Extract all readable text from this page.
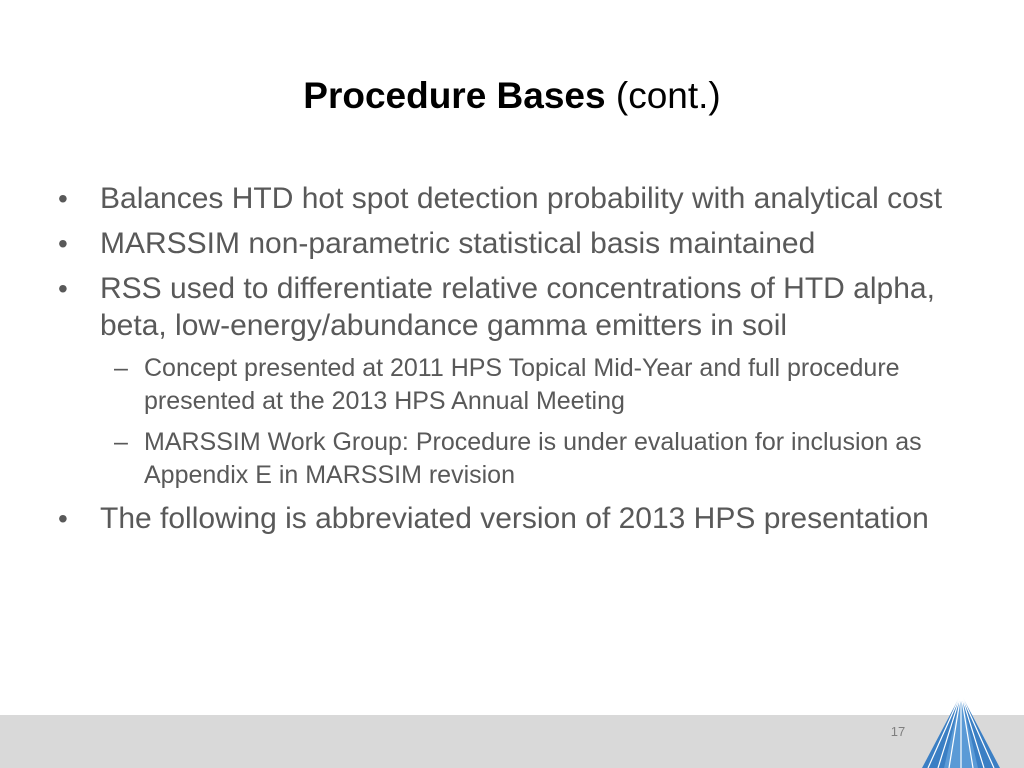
Procedure Bases (cont.)
• Balances HTD hot spot detection probability with analytical cost
• MARSSIM non-parametric statistical basis maintained
• RSS used to differentiate relative concentrations of HTD alpha, beta, low-energy/abundance gamma emitters in soil
– Concept presented at 2011 HPS Topical Mid-Year and full procedure presented at the 2013 HPS Annual Meeting
– MARSSIM Work Group: Procedure is under evaluation for inclusion as Appendix E in MARSSIM revision
• The following is abbreviated version of 2013 HPS presentation
17
